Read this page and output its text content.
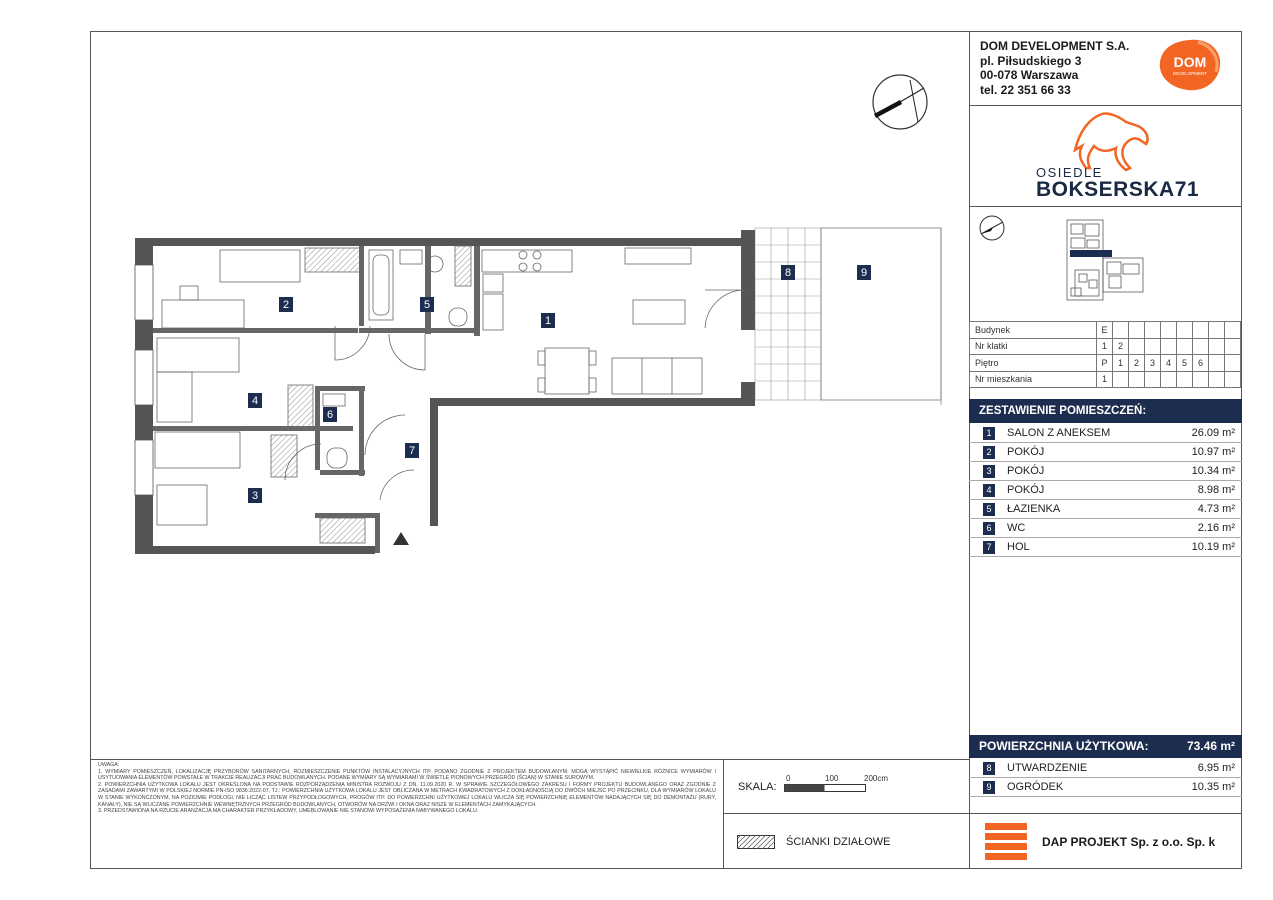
DOM DEVELOPMENT S.A.
pl. Piłsudskiego 3
00-078 Warszawa
tel. 22 351 66 33
DOM
DEVELOPMENT
OSIEDLE
BOKSERSKA71
Budynek	E								
Nr klatki	1	2							
Piętro	P	1	2	3	4	5	6		
Nr mieszkania	1								
ZESTAWIENIE POMIESZCZEŃ:
1	SALON Z ANEKSEM	26.09 m²
2	POKÓJ	10.97 m²
3	POKÓJ	10.34 m²
4	POKÓJ	8.98 m²
5	ŁAZIENKA	4.73 m²
6	WC	2.16 m²
7	HOL	10.19 m²
POWIERZCHNIA UŻYTKOWA:	73.46 m²
8	UTWARDZENIE	6.95 m²
9	OGRÓDEK	10.35 m²
DAP PROJEKT Sp. z o.o. Sp. k

UWAGA:

1. WYMIARY POMIESZCZEŃ, LOKALIZACJĘ PRZYBORÓW SANITARNYCH, ROZMIESZCZENIE PUNKTÓW INSTALACYJNYCH ITP. PODANO ZGODNIE Z PROJEKTEM BUDOWLANYM. MOGĄ WYSTĄPIĆ NIEWIELKIE RÓŻNICE WYMIARÓW I USYTUOWANIA ELEMENTÓW POWSTAŁE W TRAKCIE REALIZACJI PRAC BUDOWLANYCH. PODANE WYMIARY SĄ WYMIARAMI W ŚWIETLE PIONOWYCH PRZEGRÓD (ŚCIAN) W STANIE SUROWYM.

2. POWIERZCHNIA UŻYTKOWA LOKALU JEST OKREŚLONA NA PODSTAWIE ROZPORZĄDZENIA MINISTRA ROZWOJU Z DN. 11.09.2020 R. W SPRAWIE SZCZEGÓŁOWEGO ZAKRESU I FORMY PROJEKTU BUDOWLANEGO ORAZ ZGODNIE Z ZASADAMI ZAWARTYMI W POLSKIEJ NORMIE PN-ISO 9836:2022-07, TJ.: POWIERZCHNIA UŻYTKOWA LOKALU JEST OBLICZANA W METRACH KWADRATOWYCH Z DOKŁADNOŚCIĄ DO DWÓCH MIEJSC PO PRZECINKU, DLA WYMIARÓW LOKALU W STANIE WYKOŃCZONYM, NA POZIOMIE PODŁOGI, NIE LICZĄC LISTEW PRZYPODŁOGOWYCH, PROGÓW ITP. DO POWIERZCHNI UŻYTKOWEJ LOKALU WLICZA SIĘ POWIERZCHNIĘ ELEMENTÓW NADAJĄCYCH SIĘ DO DEMONTAŻU (RURY, KANAŁY), NIE SĄ WLICZANE POWIERZCHNIE WEWNĘTRZNYCH PRZEGRÓD BUDOWLANYCH, OTWORÓW NA DRZWI I OKNA ORAZ NISZE W ELEMENTACH ZAMYKAJĄCYCH.

3. PRZEDSTAWIONA NA RZUCIE ARANŻACJA MA CHARAKTER PRZYKŁADOWY, UMEBLOWANIE NIE STANOWI WYPOSAŻENIA NABYWANEGO LOKALU.

SKALA:
0	100	200cm
ŚCIANKI DZIAŁOWE
1
2
3
4
5
6
7
8	9
